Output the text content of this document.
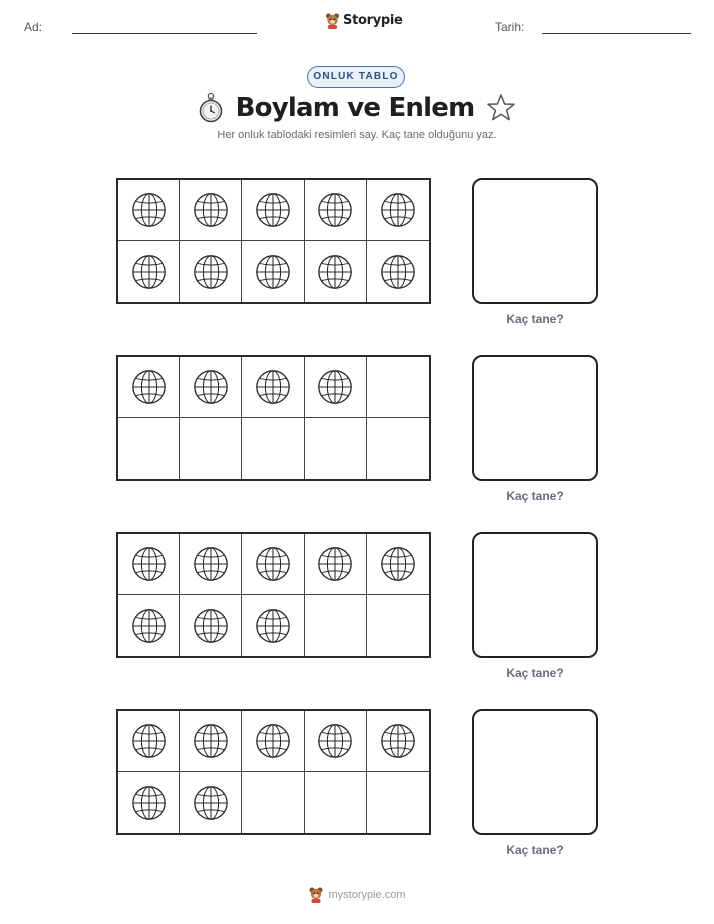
Ad:	Storypie	Tarih:
ONLUK TABLO
Boylam ve Enlem
Her onluk tablodaki resimleri say. Kaç tane olduğunu yaz.
Kaç tane?
Kaç tane?
Kaç tane?
Kaç tane?
mystorypie.com
